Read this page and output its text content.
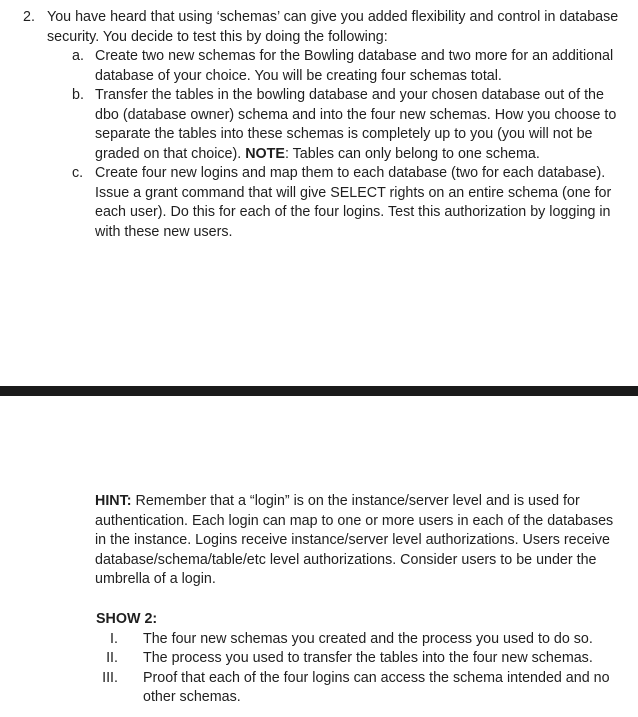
2. You have heard that using ‘schemas’ can give you added flexibility and control in database security. You decide to test this by doing the following:
a. Create two new schemas for the Bowling database and two more for an additional database of your choice. You will be creating four schemas total.
b. Transfer the tables in the bowling database and your chosen database out of the dbo (database owner) schema and into the four new schemas. How you choose to separate the tables into these schemas is completely up to you (you will not be graded on that choice). NOTE: Tables can only belong to one schema.
c. Create four new logins and map them to each database (two for each database). Issue a grant command that will give SELECT rights on an entire schema (one for each user). Do this for each of the four logins. Test this authorization by logging in with these new users.
HINT: Remember that a “login” is on the instance/server level and is used for authentication. Each login can map to one or more users in each of the databases in the instance. Logins receive instance/server level authorizations. Users receive database/schema/table/etc level authorizations. Consider users to be under the umbrella of a login.
SHOW 2:
I. The four new schemas you created and the process you used to do so.
II. The process you used to transfer the tables into the four new schemas.
III. Proof that each of the four logins can access the schema intended and no other schemas.
